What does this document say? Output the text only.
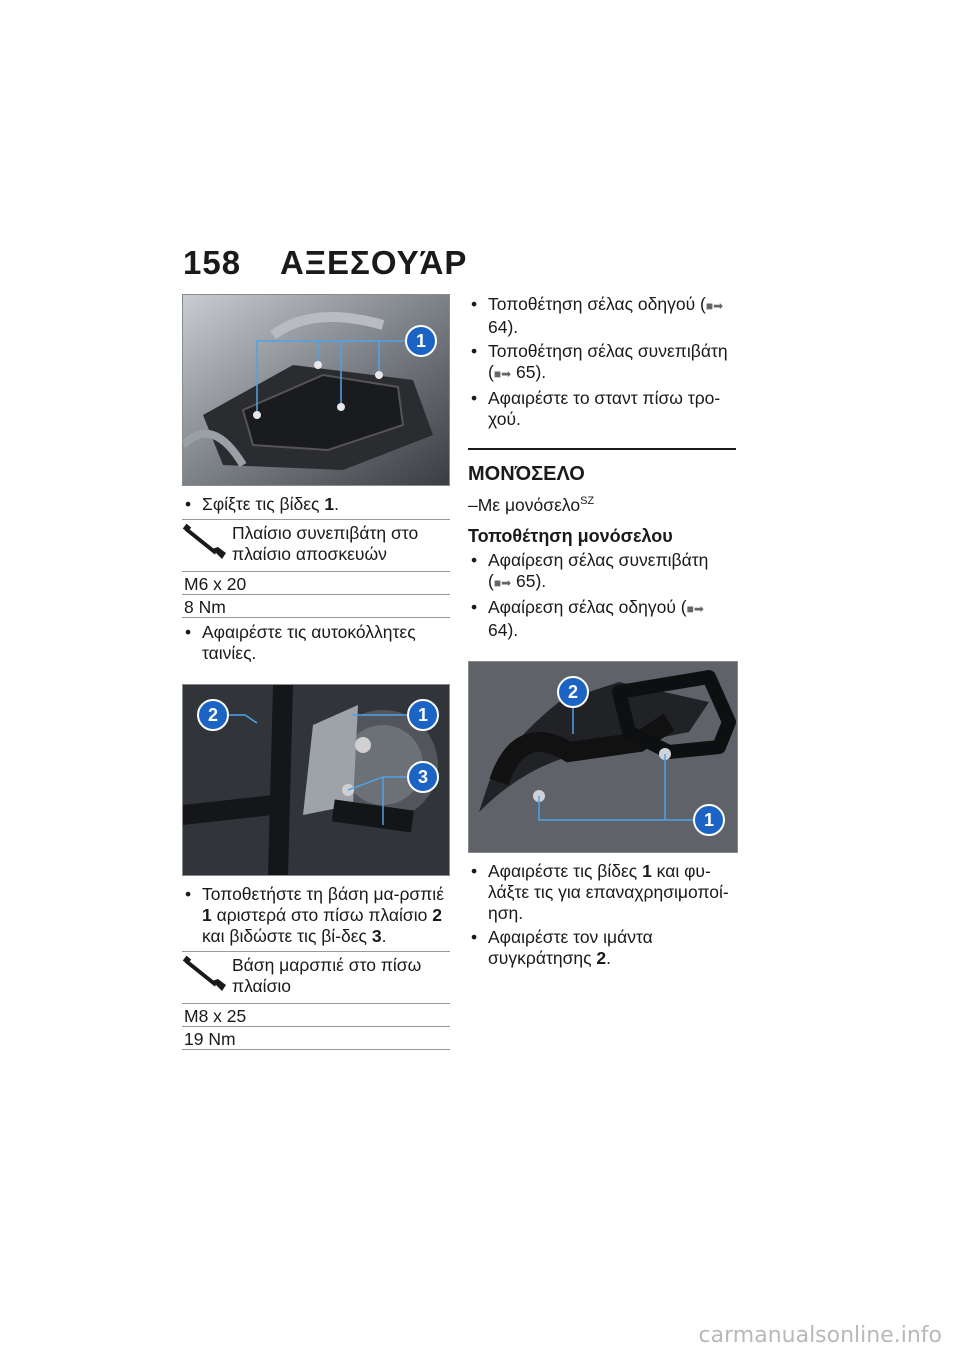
158 ΑΞΕΣΟΥΆΡ
1
• Σφίξτε τις βίδες 1.
Πλαίσιο συνεπιβάτη στο πλαίσιο αποσκευών
M6 x 20
8 Nm
• Αφαιρέστε τις αυτοκόλλητες ταινίες.
2	1
3
• Τοποθετήστε τη βάση μα-ρσπιέ 1 αριστερά στο πίσω πλαίσιο 2 και βιδώστε τις βί-δες 3.
Βάση μαρσπιέ στο πίσω πλαίσιο
M8 x 25
19 Nm
• Τοποθέτηση σέλας οδηγού (■➡ 64).
• Τοποθέτηση σέλας συνεπιβάτη (■➡ 65).
• Αφαιρέστε το σταντ πίσω τρο-χού.
ΜΟΝΌΣΕΛΟ
–Με μονόσελο$^{SZ}$
Τοποθέτηση μονόσελου
• Αφαίρεση σέλας συνεπιβάτη (■➡ 65).
• Αφαίρεση σέλας οδηγού (■➡ 64).
2
1
• Αφαιρέστε τις βίδες 1 και φυ-λάξτε τις για επαναχρησιμοποί-ηση.
• Αφαιρέστε τον ιμάντα συγκράτησης 2.
carmanualsonline.info
